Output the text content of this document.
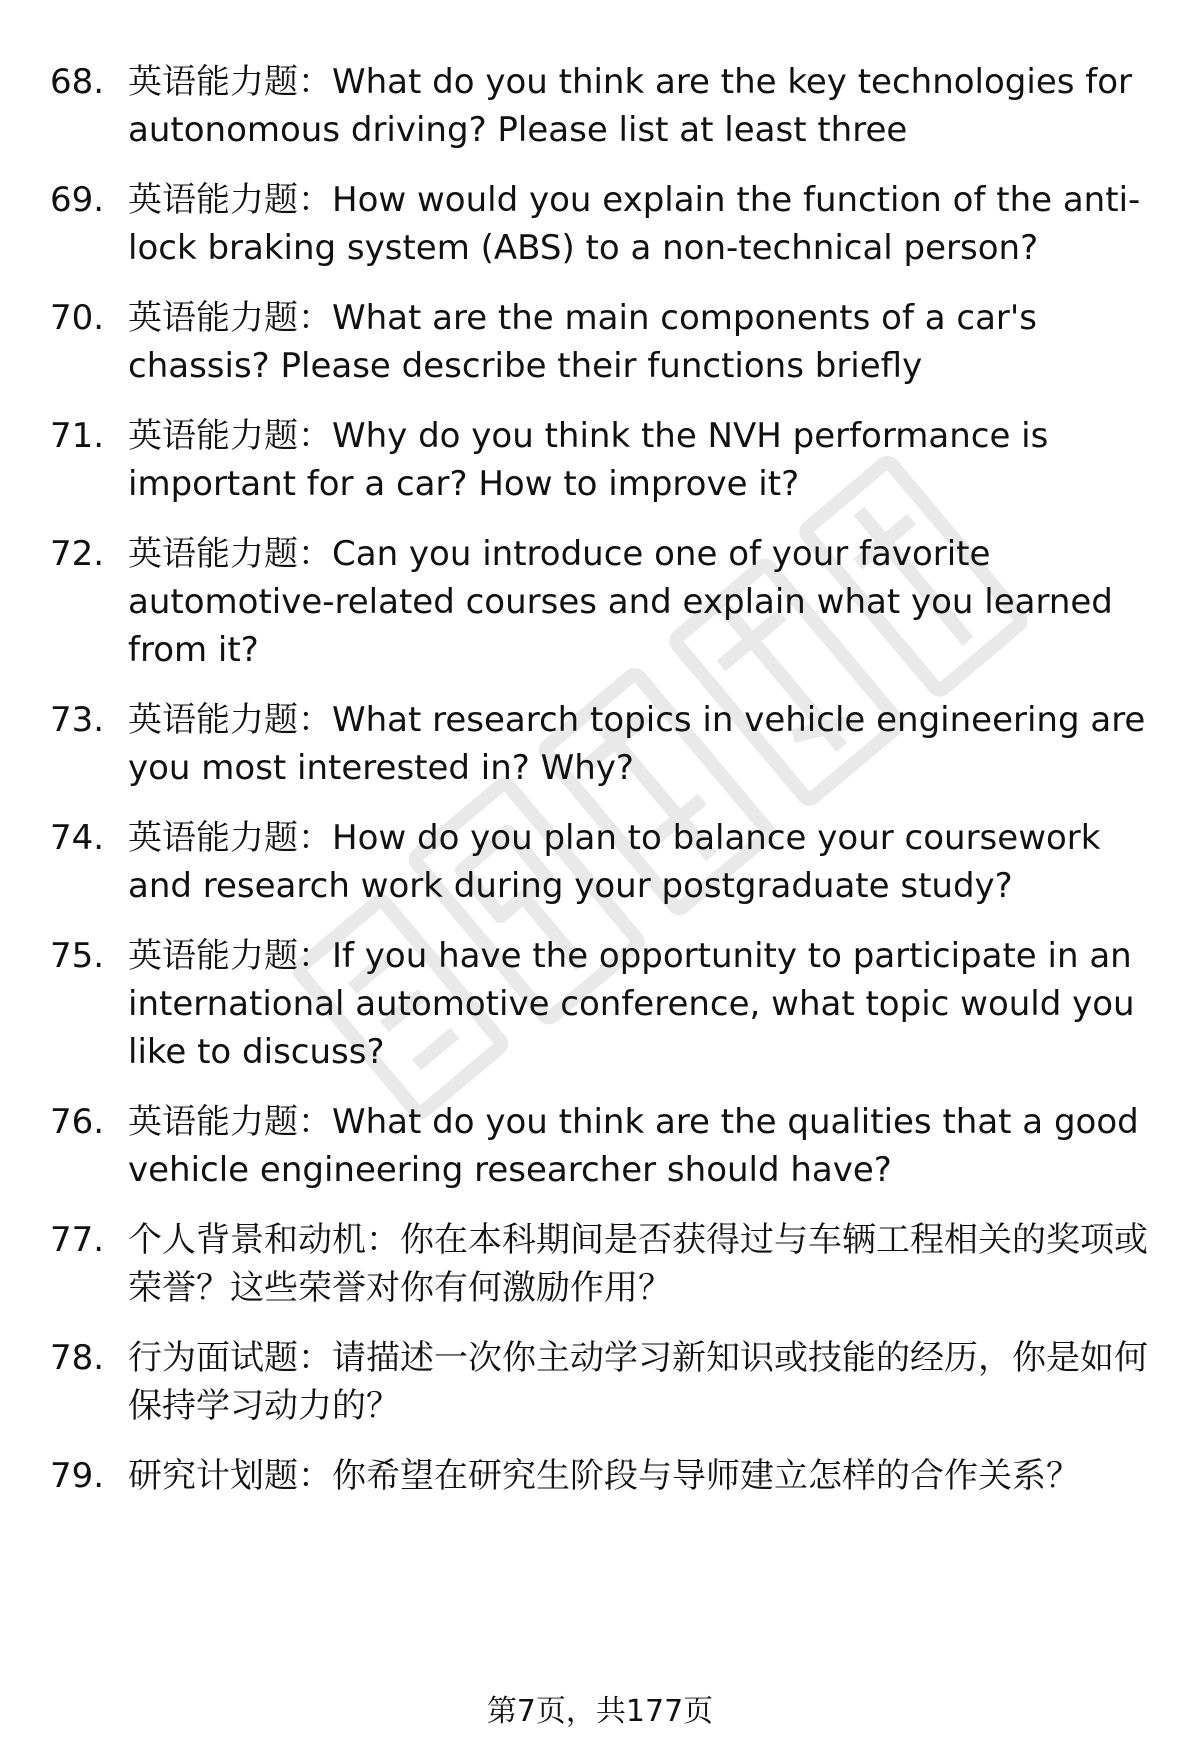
68. 英语能力题：What do you think are the key technologies for autonomous driving? Please list at least three
69. 英语能力题：How would you explain the function of the anti-lock braking system (ABS) to a non-technical person?
70. 英语能力题：What are the main components of a car's chassis? Please describe their functions briefly
71. 英语能力题：Why do you think the NVH performance is important for a car? How to improve it?
72. 英语能力题：Can you introduce one of your favorite automotive-related courses and explain what you learned from it?
73. 英语能力题：What research topics in vehicle engineering are you most interested in? Why?
74. 英语能力题：How do you plan to balance your coursework and research work during your postgraduate study?
75. 英语能力题：If you have the opportunity to participate in an international automotive conference, what topic would you like to discuss?
76. 英语能力题：What do you think are the qualities that a good vehicle engineering researcher should have?
77. 个人背景和动机：你在本科期间是否获得过与车辆工程相关的奖项或荣誉？这些荣誉对你有何激励作用？
78. 行为面试题：请描述一次你主动学习新知识或技能的经历，你是如何保持学习动力的？
79. 研究计划题：你希望在研究生阶段与导师建立怎样的合作关系？
第7页，共177页
